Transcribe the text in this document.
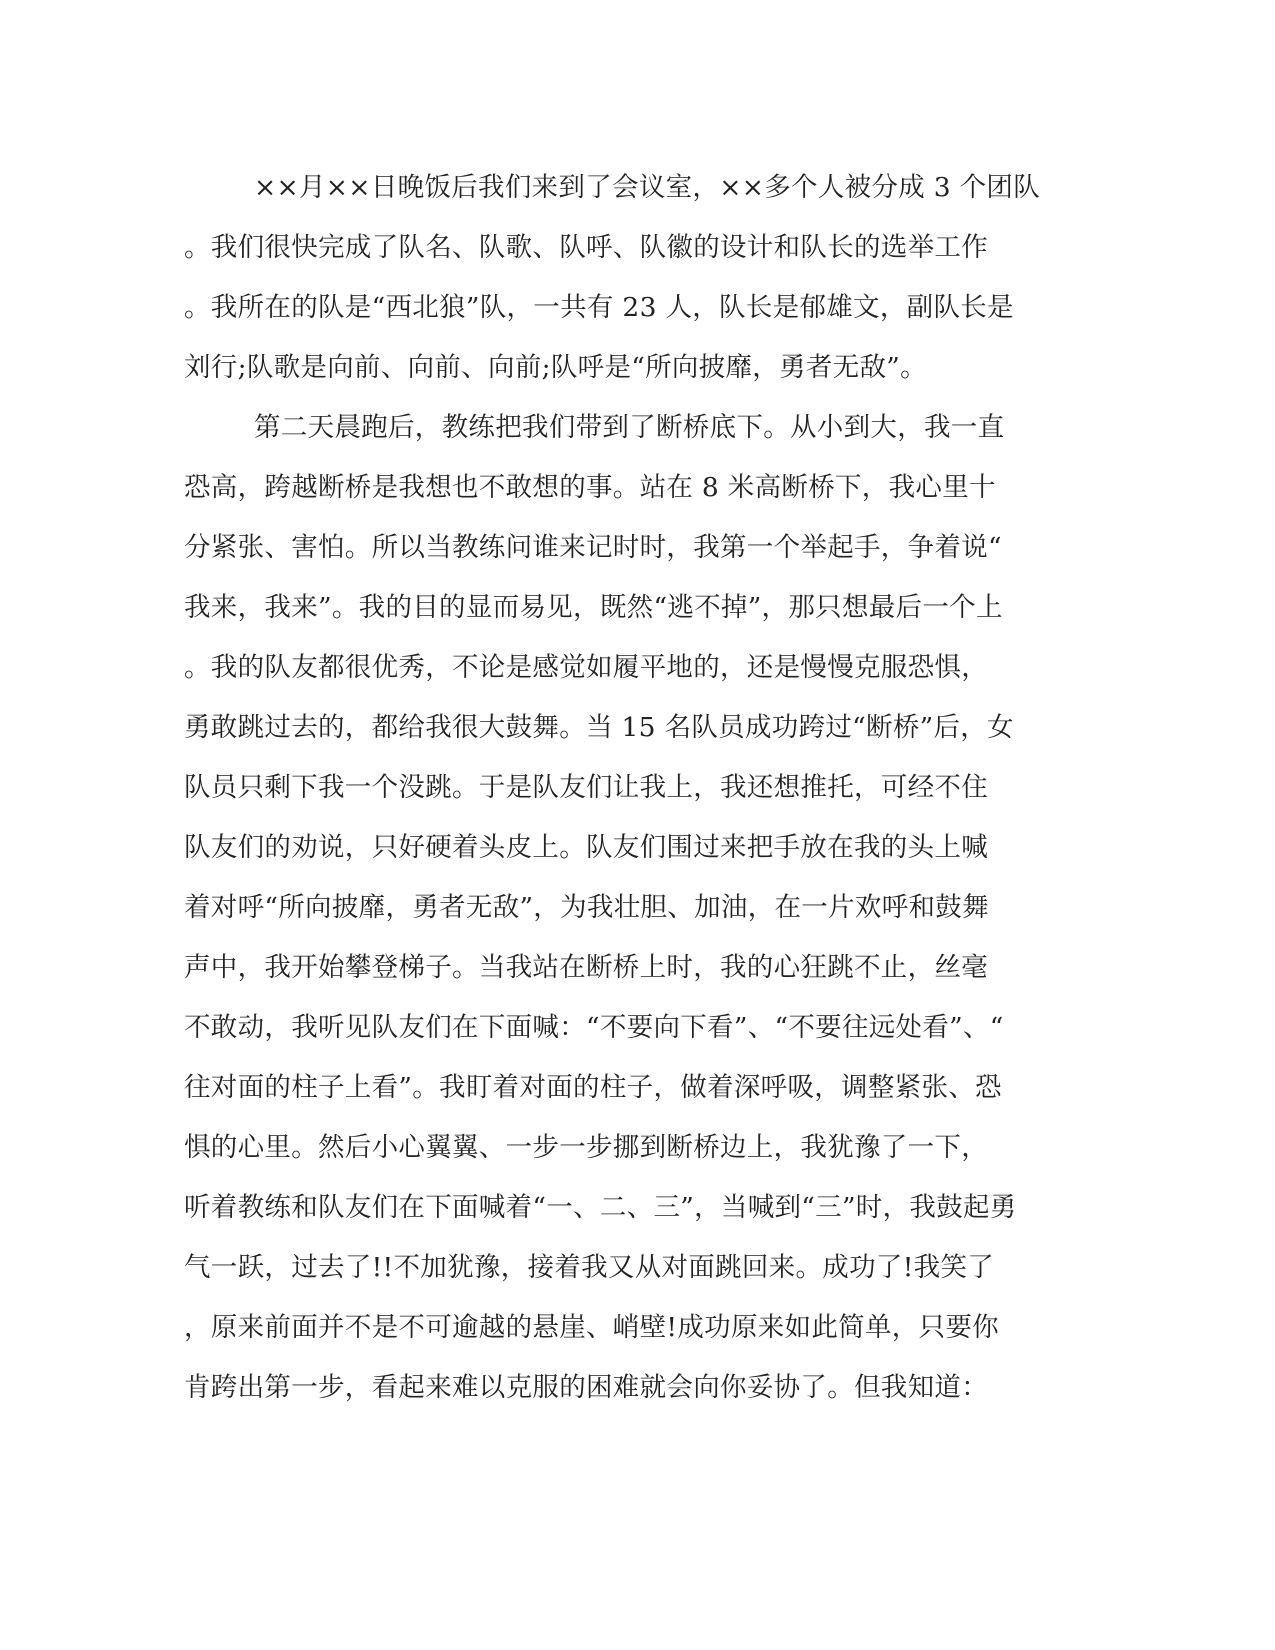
××月××日晚饭后我们来到了会议室，××多个人被分成 3 个团队
。我们很快完成了队名、队歌、队呼、队徽的设计和队长的选举工作
。我所在的队是“西北狼”队，一共有 23 人，队长是郁雄文，副队长是
刘行;队歌是向前、向前、向前;队呼是“所向披靡，勇者无敌”。
第二天晨跑后，教练把我们带到了断桥底下。从小到大，我一直
恐高，跨越断桥是我想也不敢想的事。站在 8 米高断桥下，我心里十
分紧张、害怕。所以当教练问谁来记时时，我第一个举起手，争着说“
我来，我来”。我的目的显而易见，既然“逃不掉”，那只想最后一个上
。我的队友都很优秀，不论是感觉如履平地的，还是慢慢克服恐惧，
勇敢跳过去的，都给我很大鼓舞。当 15 名队员成功跨过“断桥”后，女
队员只剩下我一个没跳。于是队友们让我上，我还想推托，可经不住
队友们的劝说，只好硬着头皮上。队友们围过来把手放在我的头上喊
着对呼“所向披靡，勇者无敌”，为我壮胆、加油，在一片欢呼和鼓舞
声中，我开始攀登梯子。当我站在断桥上时，我的心狂跳不止，丝毫
不敢动，我听见队友们在下面喊：“不要向下看”、“不要往远处看”、“
往对面的柱子上看”。我盯着对面的柱子，做着深呼吸，调整紧张、恐
惧的心里。然后小心翼翼、一步一步挪到断桥边上，我犹豫了一下，
听着教练和队友们在下面喊着“一、二、三”，当喊到“三”时，我鼓起勇
气一跃，过去了!!不加犹豫，接着我又从对面跳回来。成功了!我笑了
，原来前面并不是不可逾越的悬崖、峭壁!成功原来如此简单，只要你
肯跨出第一步，看起来难以克服的困难就会向你妥协了。但我知道：
